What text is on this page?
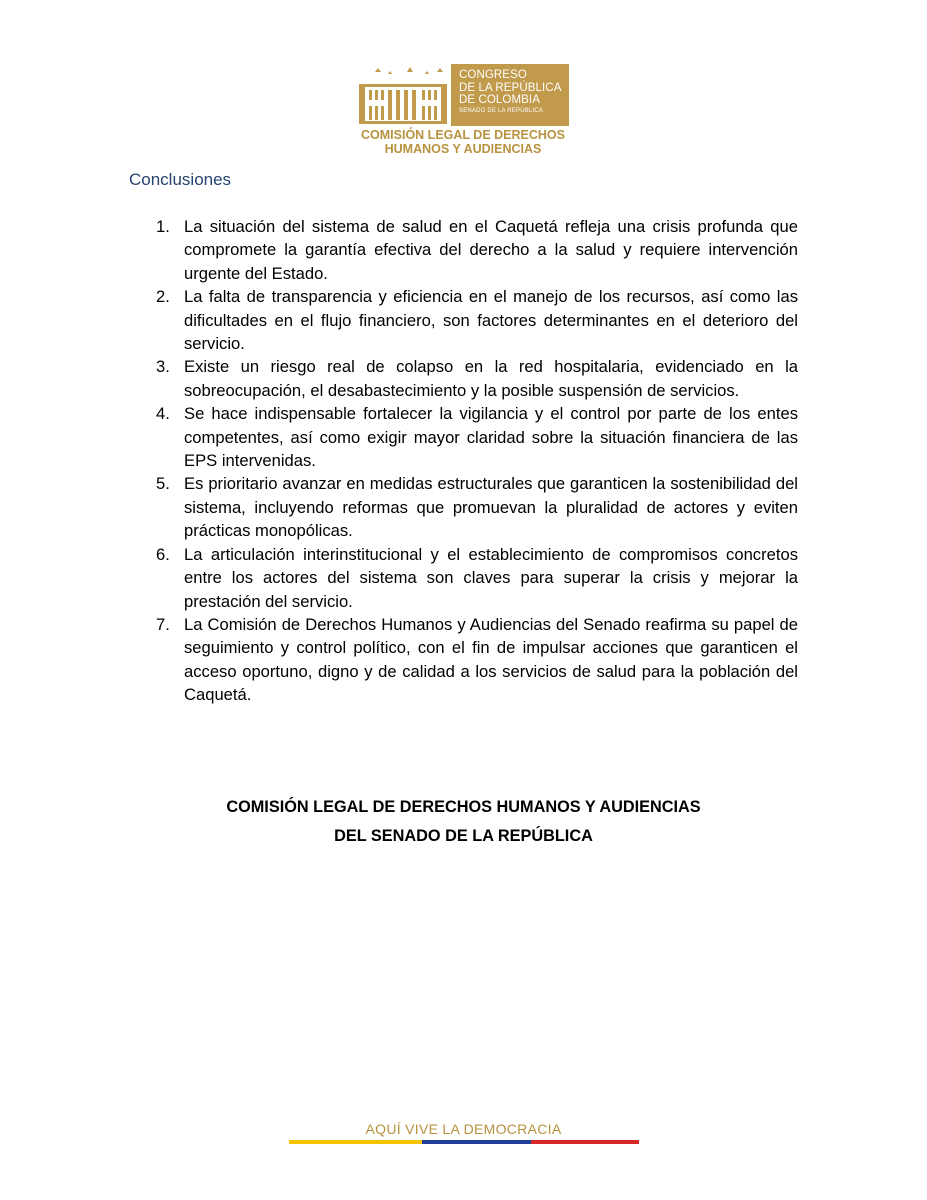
CONGRESO
DE LA REPÚBLICA
DE COLOMBIA
SENADO DE LA REPÚBLICA
COMISIÓN LEGAL DE DERECHOS
HUMANOS Y AUDIENCIAS
Conclusiones
1. La situación del sistema de salud en el Caquetá refleja una crisis profunda que compromete la garantía efectiva del derecho a la salud y requiere intervención urgente del Estado.
2. La falta de transparencia y eficiencia en el manejo de los recursos, así como las dificultades en el flujo financiero, son factores determinantes en el deterioro del servicio.
3. Existe un riesgo real de colapso en la red hospitalaria, evidenciado en la sobreocupación, el desabastecimiento y la posible suspensión de servicios.
4. Se hace indispensable fortalecer la vigilancia y el control por parte de los entes competentes, así como exigir mayor claridad sobre la situación financiera de las EPS intervenidas.
5. Es prioritario avanzar en medidas estructurales que garanticen la sostenibilidad del sistema, incluyendo reformas que promuevan la pluralidad de actores y eviten prácticas monopólicas.
6. La articulación interinstitucional y el establecimiento de compromisos concretos entre los actores del sistema son claves para superar la crisis y mejorar la prestación del servicio.
7. La Comisión de Derechos Humanos y Audiencias del Senado reafirma su papel de seguimiento y control político, con el fin de impulsar acciones que garanticen el acceso oportuno, digno y de calidad a los servicios de salud para la población del Caquetá.
COMISIÓN LEGAL DE DERECHOS HUMANOS Y AUDIENCIAS
DEL SENADO DE LA REPÚBLICA
AQUÍ VIVE LA DEMOCRACIA
